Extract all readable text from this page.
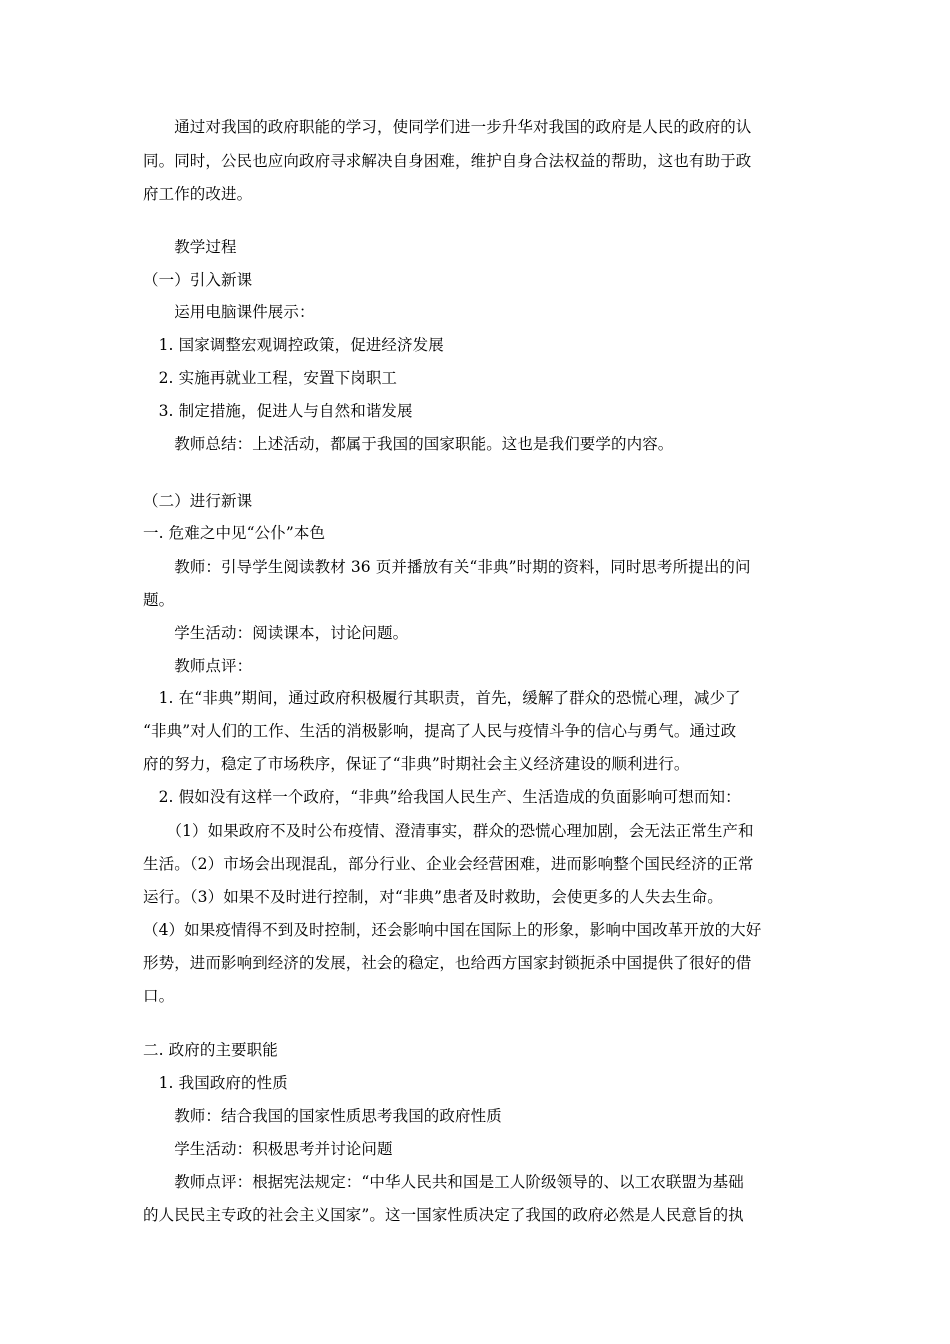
　　通过对我国的政府职能的学习，使同学们进一步升华对我国的政府是人民的政府的认
同。同时，公民也应向政府寻求解决自身困难，维护自身合法权益的帮助，这也有助于政
府工作的改进。
　　教学过程
（一）引入新课
　　运用电脑课件展示：
　1. 国家调整宏观调控政策，促进经济发展
　2. 实施再就业工程，安置下岗职工
　3. 制定措施，促进人与自然和谐发展
　　教师总结：上述活动，都属于我国的国家职能。这也是我们要学的内容。
（二）进行新课
一. 危难之中见“公仆”本色
　　教师：引导学生阅读教材 36 页并播放有关“非典”时期的资料，同时思考所提出的问
题。
　　学生活动：阅读课本，讨论问题。
　　教师点评：
　1. 在“非典”期间，通过政府积极履行其职责，首先，缓解了群众的恐慌心理，减少了
“非典”对人们的工作、生活的消极影响，提高了人民与疫情斗争的信心与勇气。通过政
府的努力，稳定了市场秩序，保证了“非典”时期社会主义经济建设的顺利进行。
　2. 假如没有这样一个政府，“非典”给我国人民生产、生活造成的负面影响可想而知：
　　（1）如果政府不及时公布疫情、澄清事实，群众的恐慌心理加剧，会无法正常生产和
生活。（2）市场会出现混乱，部分行业、企业会经营困难，进而影响整个国民经济的正常
运行。（3）如果不及时进行控制，对“非典”患者及时救助，会使更多的人失去生命。
（4）如果疫情得不到及时控制，还会影响中国在国际上的形象，影响中国改革开放的大好
形势，进而影响到经济的发展，社会的稳定，也给西方国家封锁扼杀中国提供了很好的借
口。
二. 政府的主要职能
　1. 我国政府的性质
　　教师：结合我国的国家性质思考我国的政府性质
　　学生活动：积极思考并讨论问题
　　教师点评：根据宪法规定：“中华人民共和国是工人阶级领导的、以工农联盟为基础
的人民民主专政的社会主义国家”。这一国家性质决定了我国的政府必然是人民意旨的执
